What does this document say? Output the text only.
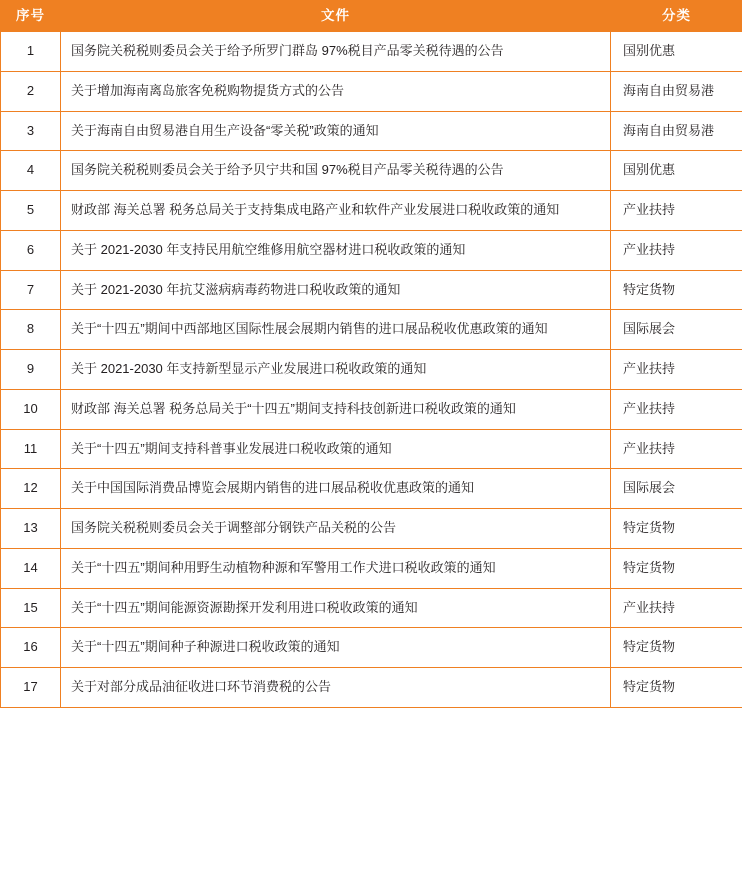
序号	文件	分类
1	国务院关税税则委员会关于给予所罗门群岛 97%税目产品零关税待遇的公告	国别优惠
2	关于增加海南离岛旅客免税购物提货方式的公告	海南自由贸易港
3	关于海南自由贸易港自用生产设备“零关税”政策的通知	海南自由贸易港
4	国务院关税税则委员会关于给予贝宁共和国 97%税目产品零关税待遇的公告	国别优惠
5	财政部 海关总署 税务总局关于支持集成电路产业和软件产业发展进口税收政策的通知	产业扶持
6	关于 2021-2030 年支持民用航空维修用航空器材进口税收政策的通知	产业扶持
7	关于 2021-2030 年抗艾滋病病毒药物进口税收政策的通知	特定货物
8	关于“十四五”期间中西部地区国际性展会展期内销售的进口展品税收优惠政策的通知	国际展会
9	关于 2021-2030 年支持新型显示产业发展进口税收政策的通知	产业扶持
10	财政部 海关总署 税务总局关于“十四五”期间支持科技创新进口税收政策的通知	产业扶持
11	关于“十四五”期间支持科普事业发展进口税收政策的通知	产业扶持
12	关于中国国际消费品博览会展期内销售的进口展品税收优惠政策的通知	国际展会
13	国务院关税税则委员会关于调整部分钢铁产品关税的公告	特定货物
14	关于“十四五”期间种用野生动植物种源和军警用工作犬进口税收政策的通知	特定货物
15	关于“十四五”期间能源资源勘探开发利用进口税收政策的通知	产业扶持
16	关于“十四五”期间种子种源进口税收政策的通知	特定货物
17	关于对部分成品油征收进口环节消费税的公告	特定货物
